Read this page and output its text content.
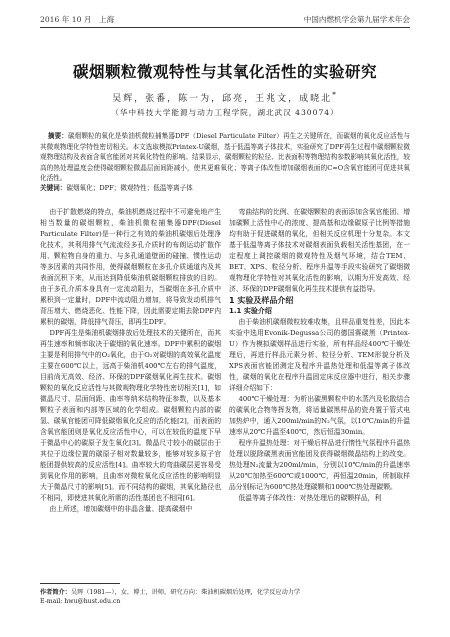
2016 年 10 月　上海	中国内燃机学会第九届学术年会
碳烟颗粒微观特性与其氧化活性的实验研究
吴辉，张番，陈一为，邱亮，王兆文，成晓北*
（华中科技大学能源与动力工程学院，湖北武汉 430074）
摘要：碳烟颗粒的氧化是柴油机微粒捕集器DPF（Diesel Particulate Filter）再生之关键所在，而碳烟的氧化反应活性与其微观物理化学特性密切相关。本文选取模拟Printex-U碳烟，基于低温等离子体技术，实验研究了DPF再生过程中碳烟颗粒微观物理结构及表面含氧官能团对其氧化特性的影响。结果显示，碳烟颗粒的粒径、比表面积等物理结构参数影响其氧化活性，较高的热处理温度会使得碳烟颗粒微晶层面间距减小，使其更难氧化；等离子体改性增加碳烟表面的C=O含氧官能团可促进其氧化活性。
关键词：碳烟氧化；DPF；微观特性；低温等离子体

由于扩散燃烧的特点，柴油机燃烧过程中不可避免地产生相当数量的碳烟颗粒，柴油机微粒捕集器DPF(Diesel Particulate Filter)是一种行之有效的柴油机碳烟后处理净化技术，其利用排气气流流经多孔介质时的布朗运动扩散作用、颗粒物自身的重力、与多孔通道壁面的碰撞、惯性运动等多因素的共同作用，使得碳烟颗粒在多孔介质通道内及其表面沉积下来，从而达到降低柴油机碳烟颗粒排放的目的。由于多孔介质本身具有一定流动阻力，当碳烟在多孔介质中累积到一定量时，DPF中流动阻力增加，将导致发动机排气背压增大、燃烧恶化、性能下降，因此需要定期去除DPF内累积的碳烟，降低排气背压，即再生DPF。

DPF再生是柴油机碳烟排放后处理技术的关键所在，而其再生速率和频率取决于碳烟的氧化速率。DPF中累积的碳烟主要是利用排气中的O₂氧化，由于O₂对碳烟的高效氧化温度主要在600℃以上，远高于柴油机400℃左右的排气温度，目前尚无高效、经济、环保的DPF碳烟氧化再生技术。碳烟颗粒的氧化反应活性与其微观物理化学特性密切相关[1]，如微晶尺寸、层面间距、曲率等纳米结构特征参数，以及基本颗粒子表面和内部等区域的化学组成。碳烟颗粒内部的碳氢、碳氧官能团可降低碳烟氧化反应的活化能[2]，而表面的含氧官能团则是氧化反应活性中心，可以在较低的温度下早于微晶中心的碳原子发生氧化[3]。微晶尺寸较小的碳层由于其位于边缘位置的碳原子相对数量较多，能够对较多原子官能团提供较高的反应活性[4]。曲率较大的弯曲碳层更容易受到氧化作用的影响，且曲率对微粒氧化反应活性的影响明显大于微晶尺寸的影响[5]。而不同结构的碳烟，其氧化路径也不相同，即使进其氧化所需的活性基团也不相同[6]。

由上所述，增加碳烟中的非晶含量、提高碳烟中

弯曲结构的比例、在碳烟颗粒的表面添加含氧官能团、增加碳颗上活性中心的浓度、提高基和边缘碳原子比例等措施均有助于促进碳烟的氧化，但相关反应机理十分复杂。本文基于低温等离子体技术对碳烟表面负载相关活性基团，在一定程度上调控碳烟的微观特性及烟气环境，结合TEM、BET、XPS、粒径分析、程序升温等手段实验研究了碳烟微观物理化学特性对其氧化活性的影响，以期为开发高效、经济、环保的DPF碳烟氧化再生技术提供有益指导。

1 实验及样品介绍

1.1 实验介绍

由于柴油机碳烟微粒较难收集，且样品重复性差，因此本实验中选用Evonik-Degussa公司的德国赛碳黑（Printex-U）作为模拟碳烟样品进行实验，所有样品经400℃干燥处理后，再进行样品元素分析、粒径分析、TEM形貌分析及XPS表面官能团测定及程序升温热处理和低温等离子体改性，碳烟的氧化在程序升温固定床反应器中进行，相关步骤详细介绍如下：

400℃干燥处理：为析出碳黑颗粒中的水蒸汽及松散结合的碳氧化合物等挥发物，将适量碳黑样品的瓷舟置于管式电加热炉中，通入200ml/min的N₂气氛，以10℃/min的升温速率从20℃升温至400℃，然后恒温30min。

程序升温热处理：对干燥后样品进行惰性气氛程序升温热处理以脱除碳黑表面官能团及获得碳烟微晶结构上的改变。热处理N₂流量为200ml/min，分别以10℃/min的升温速率从20℃加热至600℃或1000℃，再恒温20min，所制取样品分别标记为600℃热处理碳颗和1000℃热处理碳颗。

低温等离子体改性：对热处理后的碳颗样品，利

作者简介：吴辉（1981—），女，博士，讲师，研究方向：柴油机碳烟后处理，化学反应动力学
E-mail: hwu@hust.edu.cn
